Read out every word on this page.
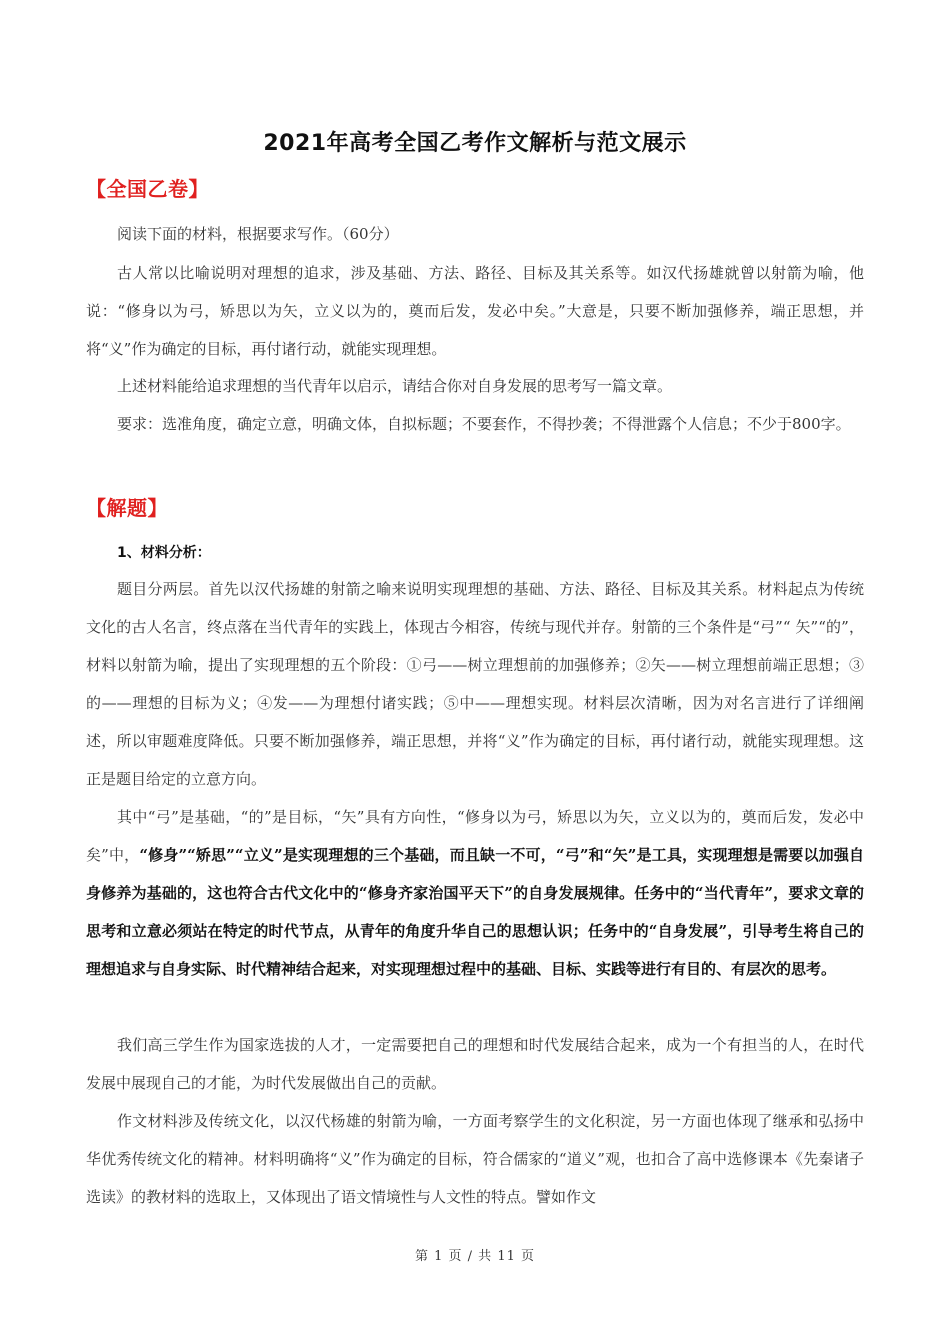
2021年高考全国乙考作文解析与范文展示
【全国乙卷】
阅读下面的材料，根据要求写作。（60分）
古人常以比喻说明对理想的追求，涉及基础、方法、路径、目标及其关系等。如汉代扬雄就曾以射箭为喻，他说：“修身以为弓，矫思以为矢，立义以为的，奠而后发，发必中矣。”大意是，只要不断加强修养，端正思想，并将“义”作为确定的目标，再付诸行动，就能实现理想。
上述材料能给追求理想的当代青年以启示，请结合你对自身发展的思考写一篇文章。
要求：选准角度，确定立意，明确文体，自拟标题；不要套作，不得抄袭；不得泄露个人信息；不少于800字。
【解题】
1、材料分析：
题目分两层。首先以汉代扬雄的射箭之喻来说明实现理想的基础、方法、路径、目标及其关系。材料起点为传统文化的古人名言，终点落在当代青年的实践上，体现古今相容，传统与现代并存。射箭的三个条件是“弓”“ 矢”“的”，材料以射箭为喻，提出了实现理想的五个阶段：①弓——树立理想前的加强修养；②矢——树立理想前端正思想；③的——理想的目标为义；④发——为理想付诸实践；⑤中——理想实现。材料层次清晰，因为对名言进行了详细阐述，所以审题难度降低。只要不断加强修养，端正思想，并将“义”作为确定的目标，再付诸行动，就能实现理想。这正是题目给定的立意方向。
其中“弓”是基础，“的”是目标，“矢”具有方向性，“修身以为弓，矫思以为矢，立义以为的，奠而后发，发必中矣”中，“修身”“矫思”“立义”是实现理想的三个基础，而且缺一不可，“弓”和“矢”是工具，实现理想是需要以加强自身修养为基础的，这也符合古代文化中的“修身齐家治国平天下”的自身发展规律。任务中的“当代青年”，要求文章的思考和立意必须站在特定的时代节点，从青年的角度升华自己的思想认识；任务中的“自身发展”，引导考生将自己的理想追求与自身实际、时代精神结合起来，对实现理想过程中的基础、目标、实践等进行有目的、有层次的思考。
我们高三学生作为国家选拔的人才，一定需要把自己的理想和时代发展结合起来，成为一个有担当的人，在时代发展中展现自己的才能，为时代发展做出自己的贡献。
作文材料涉及传统文化，以汉代杨雄的射箭为喻，一方面考察学生的文化积淀，另一方面也体现了继承和弘扬中华优秀传统文化的精神。材料明确将“义”作为确定的目标，符合儒家的“道义”观，也扣合了高中选修课本《先秦诸子选读》的教材料的选取上，又体现出了语文情境性与人文性的特点。譬如作文
第 1 页 / 共 11 页
